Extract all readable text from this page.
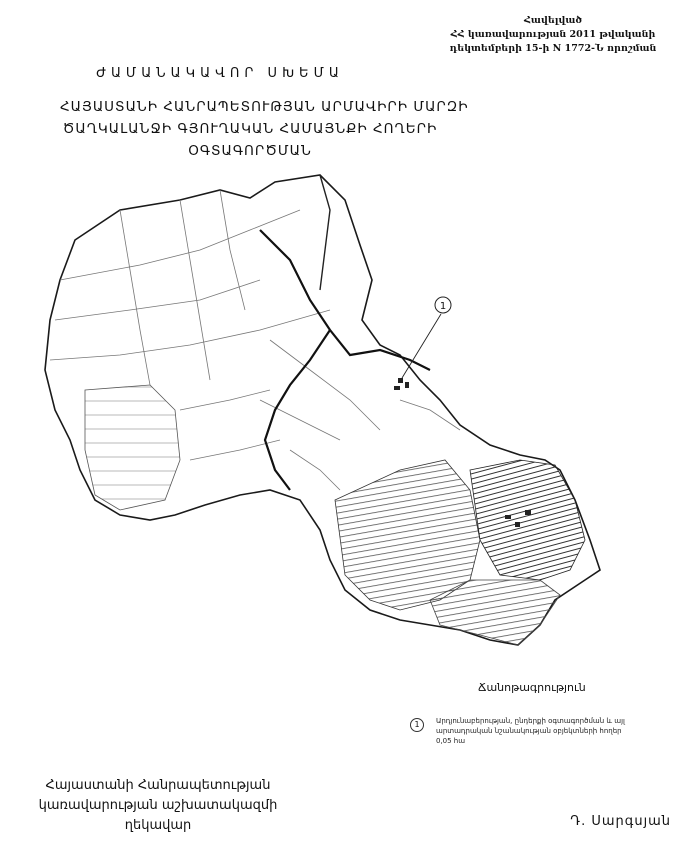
Հավելված
ՀՀ կառավարության 2011 թվականի
դեկտեմբերի 15-ի N 1772-Ն որոշման
ԺԱՄԱՆԱԿԱՎՈՐ ՍԽԵՄԱ
ՀԱՅԱՍՏԱՆԻ ՀԱՆՐԱՊԵՏՈՒԹՅԱՆ ԱՐՄԱՎԻՐԻ ՄԱՐԶԻ
ԾԱՂԿԱԼԱՆՋԻ ԳՅՈՒՂԱԿԱՆ ՀԱՄԱՅՆՔԻ ՀՈՂԵՐԻ
ՕԳՏԱԳՈՐԾՄԱՆ
1
Ճանոթագրություն
1	Արդյունաբերության, ընդերքի օգտագործման և այլ արտադրական նշանակության օբյեկտների հողեր 0,05 հա
Հայաստանի Հանրապետության
կառավարության աշխատակազմի
ղեկավար	Դ. Սարգսյան
